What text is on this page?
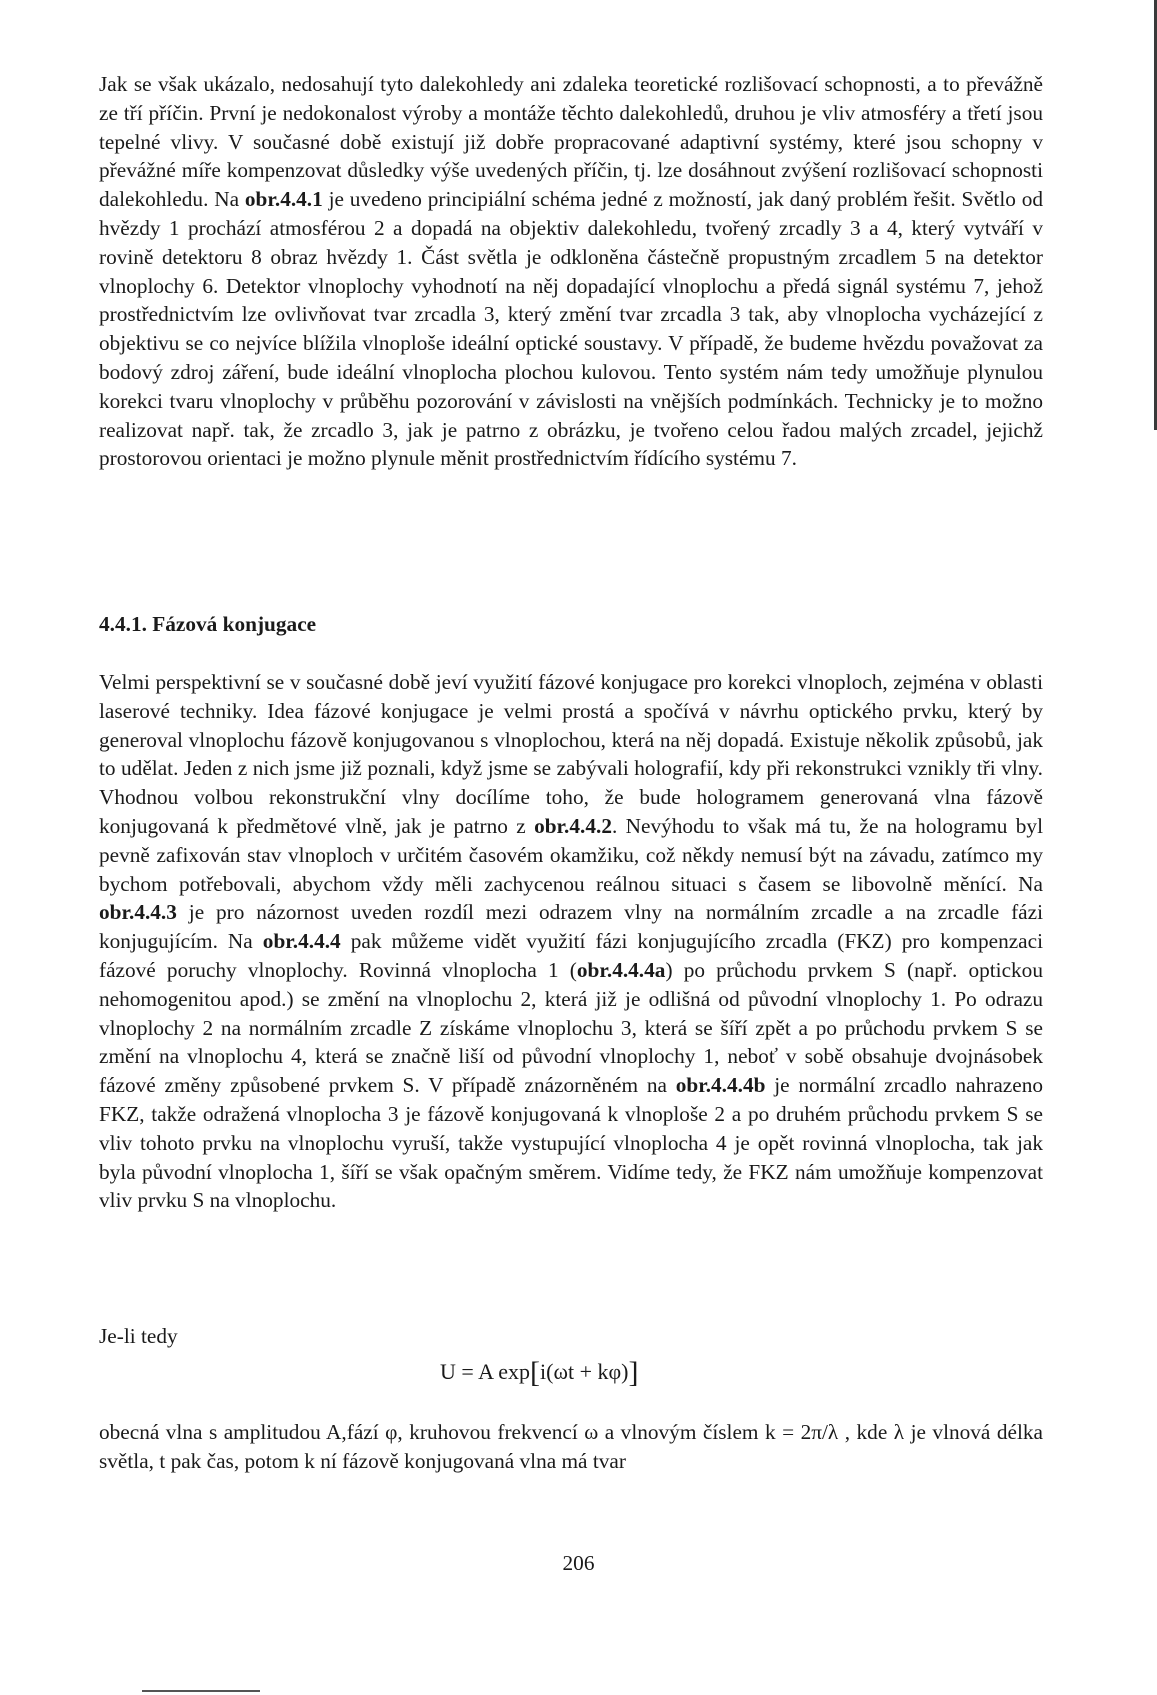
Jak se však ukázalo, nedosahují tyto dalekohledy ani zdaleka teoretické rozlišovací schopnosti, a to převážně ze tří příčin. První je nedokonalost výroby a montáže těchto dalekohledů, druhou je vliv atmosféry a třetí jsou tepelné vlivy. V současné době existují již dobře propracované adaptivní systémy, které jsou schopny v převážné míře kompenzovat důsledky výše uvedených příčin, tj. lze dosáhnout zvýšení rozlišovací schopnosti dalekohledu. Na obr.4.4.1 je uvedeno principiální schéma jedné z možností, jak daný problém řešit. Světlo od hvězdy 1 prochází atmosférou 2 a dopadá na objektiv dalekohledu, tvořený zrcadly 3 a 4, který vytváří v rovině detektoru 8 obraz hvězdy 1. Část světla je odkloněna částečně propustným zrcadlem 5 na detektor vlnoplochy 6. Detektor vlnoplochy vyhodnotí na něj dopadající vlnoplochu a předá signál systému 7, jehož prostřednictvím lze ovlivňovat tvar zrcadla 3, který změní tvar zrcadla 3 tak, aby vlnoplocha vycházející z objektivu se co nejvíce blížila vlnoploše ideální optické soustavy. V případě, že budeme hvězdu považovat za bodový zdroj záření, bude ideální vlnoplocha plochou kulovou. Tento systém nám tedy umožňuje plynulou korekci tvaru vlnoplochy v průběhu pozorování v závislosti na vnějších podmínkách. Technicky je to možno realizovat např. tak, že zrcadlo 3, jak je patrno z obrázku, je tvořeno celou řadou malých zrcadel, jejichž prostorovou orientaci je možno plynule měnit prostřednictvím řídícího systému 7.
4.4.1. Fázová konjugace
Velmi perspektivní se v současné době jeví využití fázové konjugace pro korekci vlnoploch, zejména v oblasti laserové techniky. Idea fázové konjugace je velmi prostá a spočívá v návrhu optického prvku, který by generoval vlnoplochu fázově konjugovanou s vlnoplochou, která na něj dopadá. Existuje několik způsobů, jak to udělat. Jeden z nich jsme již poznali, když jsme se zabývali holografií, kdy při rekonstrukci vznikly tři vlny. Vhodnou volbou rekonstrukční vlny docílíme toho, že bude hologramem generovaná vlna fázově konjugovaná k předmětové vlně, jak je patrno z obr.4.4.2. Nevýhodu to však má tu, že na hologramu byl pevně zafixován stav vlnoploch v určitém časovém okamžiku, což někdy nemusí být na závadu, zatímco my bychom potřebovali, abychom vždy měli zachycenou reálnou situaci s časem se libovolně měnící. Na obr.4.4.3 je pro názornost uveden rozdíl mezi odrazem vlny na normálním zrcadle a na zrcadle fázi konjugujícím. Na obr.4.4.4 pak můžeme vidět využití fázi konjugujícího zrcadla (FKZ) pro kompenzaci fázové poruchy vlnoplochy. Rovinná vlnoplocha 1 (obr.4.4.4a) po průchodu prvkem S (např. optickou nehomogenitou apod.) se změní na vlnoplochu 2, která již je odlišná od původní vlnoplochy 1. Po odrazu vlnoplochy 2 na normálním zrcadle Z získáme vlnoplochu 3, která se šíří zpět a po průchodu prvkem S se změní na vlnoplochu 4, která se značně liší od původní vlnoplochy 1, neboť v sobě obsahuje dvojnásobek fázové změny způsobené prvkem S. V případě znázorněném na obr.4.4.4b je normální zrcadlo nahrazeno FKZ, takže odražená vlnoplocha 3 je fázově konjugovaná k vlnoploše 2 a po druhém průchodu prvkem S se vliv tohoto prvku na vlnoplochu vyruší, takže vystupující vlnoplocha 4 je opět rovinná vlnoplocha, tak jak byla původní vlnoplocha 1, šíří se však opačným směrem. Vidíme tedy, že FKZ nám umožňuje kompenzovat vliv prvku S na vlnoplochu.
Je-li tedy
U = A exp[i(ωt + kφ)]
obecná vlna s amplitudou A,fází φ, kruhovou frekvencí ω a vlnovým číslem k = 2π/λ , kde λ je vlnová délka světla, t pak čas, potom k ní fázově konjugovaná vlna má tvar
206
